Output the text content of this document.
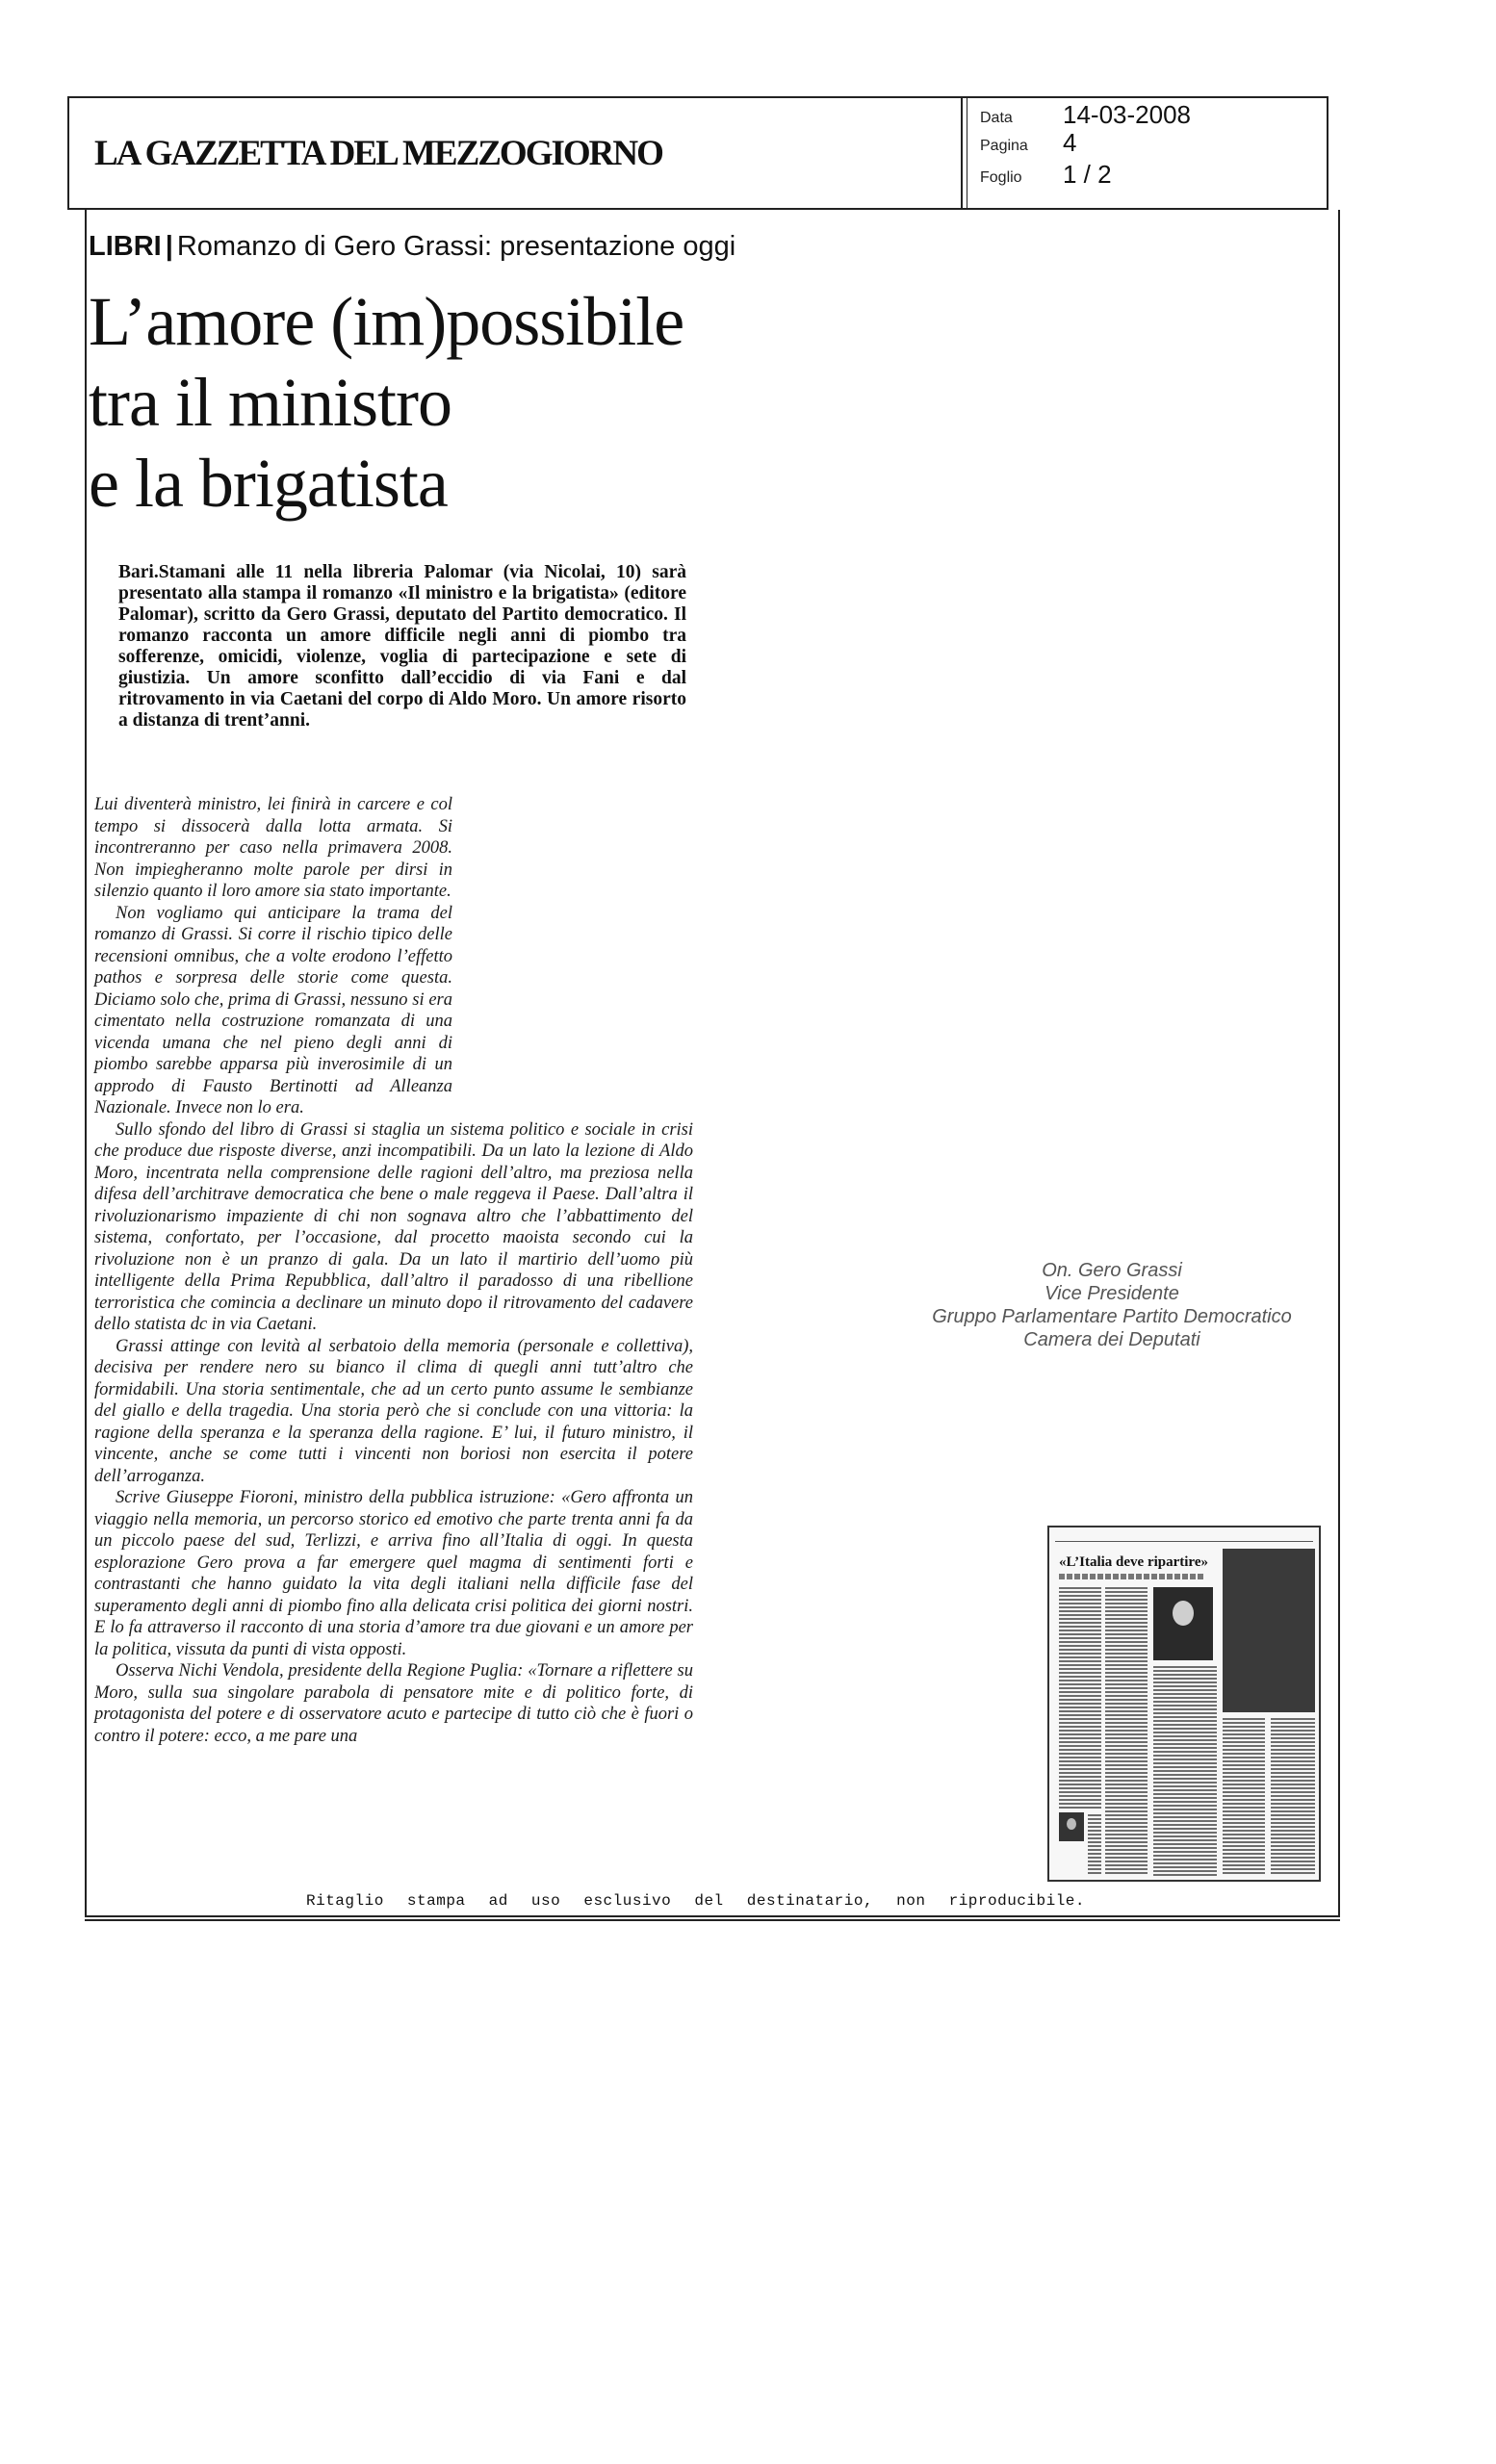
LA GAZZETTA DEL MEZZOGIORNO
Data 14-03-2008
Pagina 4
Foglio 1 / 2
LIBRI | Romanzo di Gero Grassi: presentazione oggi
L’amore (im)possibile
tra il ministro
e la brigatista
Bari.Stamani alle 11 nella libreria Palomar (via Nicolai, 10) sarà presentato alla stampa il romanzo «Il ministro e la brigatista» (editore Palomar), scritto da Gero Grassi, deputato del Partito democratico. Il romanzo racconta un amore difficile negli anni di piombo tra sofferenze, omicidi, violenze, voglia di partecipazione e sete di giustizia. Un amore sconfitto dall’eccidio di via Fani e dal ritrovamento in via Caetani del corpo di Aldo Moro. Un amore risorto a distanza di trent’anni.

Lui diventerà ministro, lei finirà in carcere e col tempo si dissocerà dalla lotta armata. Si incontreranno per caso nella primavera 2008. Non impiegheranno molte parole per dirsi in silenzio quanto il loro amore sia stato importante.

Non vogliamo qui anticipare la trama del romanzo di Grassi. Si corre il rischio tipico delle recensioni omnibus, che a volte erodono l’effetto pathos e sorpresa delle storie come questa. Diciamo solo che, prima di Grassi, nessuno si era cimentato nella costruzione romanzata di una vicenda umana che nel pieno degli anni di piombo sarebbe apparsa più inverosimile di un approdo di Fausto Bertinotti ad Alleanza Nazionale. Invece non lo era.

Sullo sfondo del libro di Grassi si staglia un sistema politico e sociale in crisi che produce due risposte diverse, anzi incompatibili. Da un lato la lezione di Aldo Moro, incentrata nella comprensione delle ragioni dell’altro, ma preziosa nella difesa dell’architrave democratica che bene o male reggeva il Paese. Dall’altra il rivoluzionarismo impaziente di chi non sognava altro che l’abbattimento del sistema, confortato, per l’occasione, dal procetto maoista secondo cui la rivoluzione non è un pranzo di gala. Da un lato il martirio dell’uomo più intelligente della Prima Repubblica, dall’altro il paradosso di una ribellione terroristica che comincia a declinare un minuto dopo il ritrovamento del cadavere dello statista dc in via Caetani.

Grassi attinge con levità al serbatoio della memoria (personale e collettiva), decisiva per rendere nero su bianco il clima di quegli anni tutt’altro che formidabili. Una storia sentimentale, che ad un certo punto assume le sembianze del giallo e della tragedia. Una storia però che si conclude con una vittoria: la ragione della speranza e la speranza della ragione. E’ lui, il futuro ministro, il vincente, anche se come tutti i vincenti non boriosi non esercita il potere dell’arroganza.

Scrive Giuseppe Fioroni, ministro della pubblica istruzione: «Gero affronta un viaggio nella memoria, un percorso storico ed emotivo che parte trenta anni fa da un piccolo paese del sud, Terlizzi, e arriva fino all’Italia di oggi. In questa esplorazione Gero prova a far emergere quel magma di sentimenti forti e contrastanti che hanno guidato la vita degli italiani nella difficile fase del superamento degli anni di piombo fino alla delicata crisi politica dei giorni nostri. E lo fa attraverso il racconto di una storia d’amore tra due giovani e un amore per la politica, vissuta da punti di vista opposti.

Osserva Nichi Vendola, presidente della Regione Puglia: «Tornare a riflettere su Moro, sulla sua singolare parabola di pensatore mite e di politico forte, di protagonista del potere e di osservatore acuto e partecipe di tutto ciò che è fuori o contro il potere: ecco, a me pare una

On. Gero Grassi
Vice Presidente
Gruppo Parlamentare Partito Democratico
Camera dei Deputati
«L’Italia deve ripartire»
Ritaglio stampa ad uso esclusivo del destinatario, non riproducibile.
